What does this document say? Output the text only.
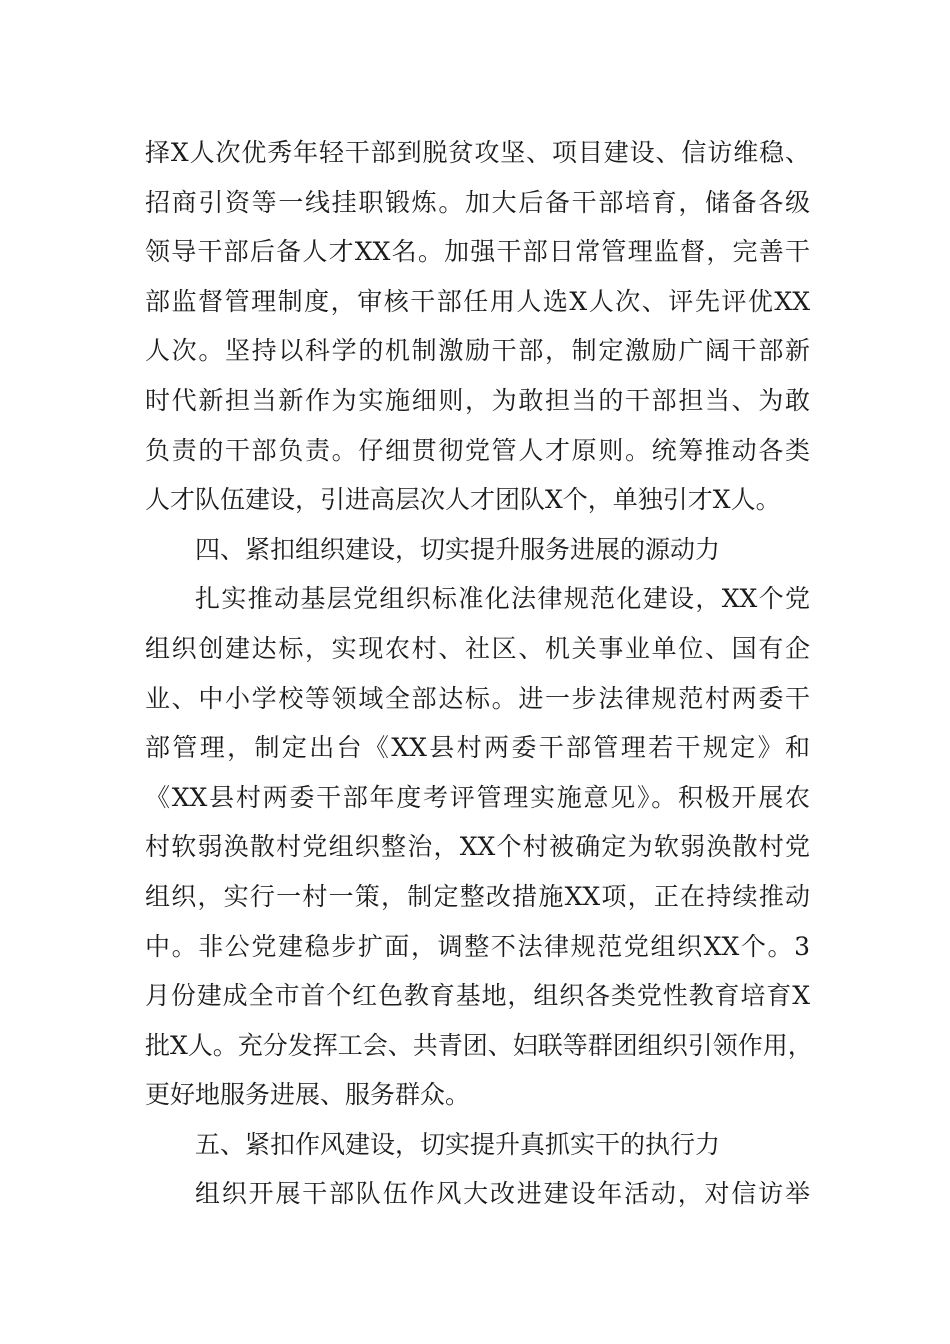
择X人次优秀年轻干部到脱贫攻坚、项目建设、信访维稳、
招商引资等一线挂职锻炼。加大后备干部培育，储备各级
领导干部后备人才XX名。加强干部日常管理监督，完善干
部监督管理制度，审核干部任用人选X人次、评先评优XX
人次。坚持以科学的机制激励干部，制定激励广阔干部新
时代新担当新作为实施细则，为敢担当的干部担当、为敢
负责的干部负责。仔细贯彻党管人才原则。统筹推动各类
人才队伍建设，引进高层次人才团队X个，单独引才X人。
四、紧扣组织建设，切实提升服务进展的源动力
扎实推动基层党组织标准化法律规范化建设，XX个党
组织创建达标，实现农村、社区、机关事业单位、国有企
业、中小学校等领域全部达标。进一步法律规范村两委干
部管理，制定出台《XX县村两委干部管理若干规定》和
《XX县村两委干部年度考评管理实施意见》。积极开展农
村软弱涣散村党组织整治，XX个村被确定为软弱涣散村党
组织，实行一村一策，制定整改措施XX项，正在持续推动
中。非公党建稳步扩面，调整不法律规范党组织XX个。3
月份建成全市首个红色教育基地，组织各类党性教育培育X
批X人。充分发挥工会、共青团、妇联等群团组织引领作用，
更好地服务进展、服务群众。
五、紧扣作风建设，切实提升真抓实干的执行力
组织开展干部队伍作风大改进建设年活动，对信访举
